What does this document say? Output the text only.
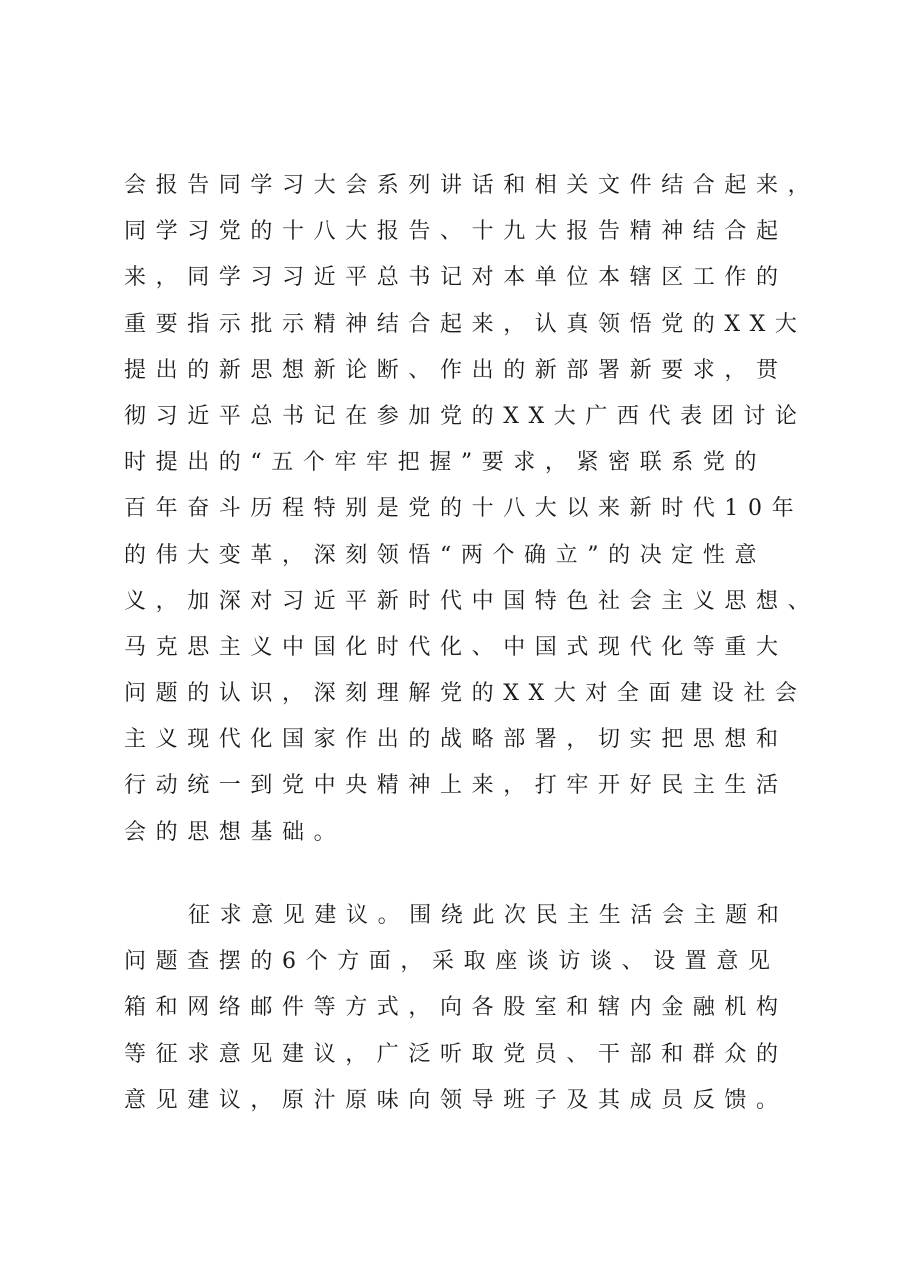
会报告同学习大会系列讲话和相关文件结合起来，
同学习党的十八大报告、十九大报告精神结合起
来，同学习习近平总书记对本单位本辖区工作的
重要指示批示精神结合起来，认真领悟党的XX大
提出的新思想新论断、作出的新部署新要求，贯
彻习近平总书记在参加党的XX大广西代表团讨论
时提出的“五个牢牢把握”要求，紧密联系党的
百年奋斗历程特别是党的十八大以来新时代10年
的伟大变革，深刻领悟“两个确立”的决定性意
义，加深对习近平新时代中国特色社会主义思想、
马克思主义中国化时代化、中国式现代化等重大
问题的认识，深刻理解党的XX大对全面建设社会
主义现代化国家作出的战略部署，切实把思想和
行动统一到党中央精神上来，打牢开好民主生活
会的思想基础。
征求意见建议。围绕此次民主生活会主题和
问题查摆的6个方面，采取座谈访谈、设置意见
箱和网络邮件等方式，向各股室和辖内金融机构
等征求意见建议，广泛听取党员、干部和群众的
意见建议，原汁原味向领导班子及其成员反馈。
